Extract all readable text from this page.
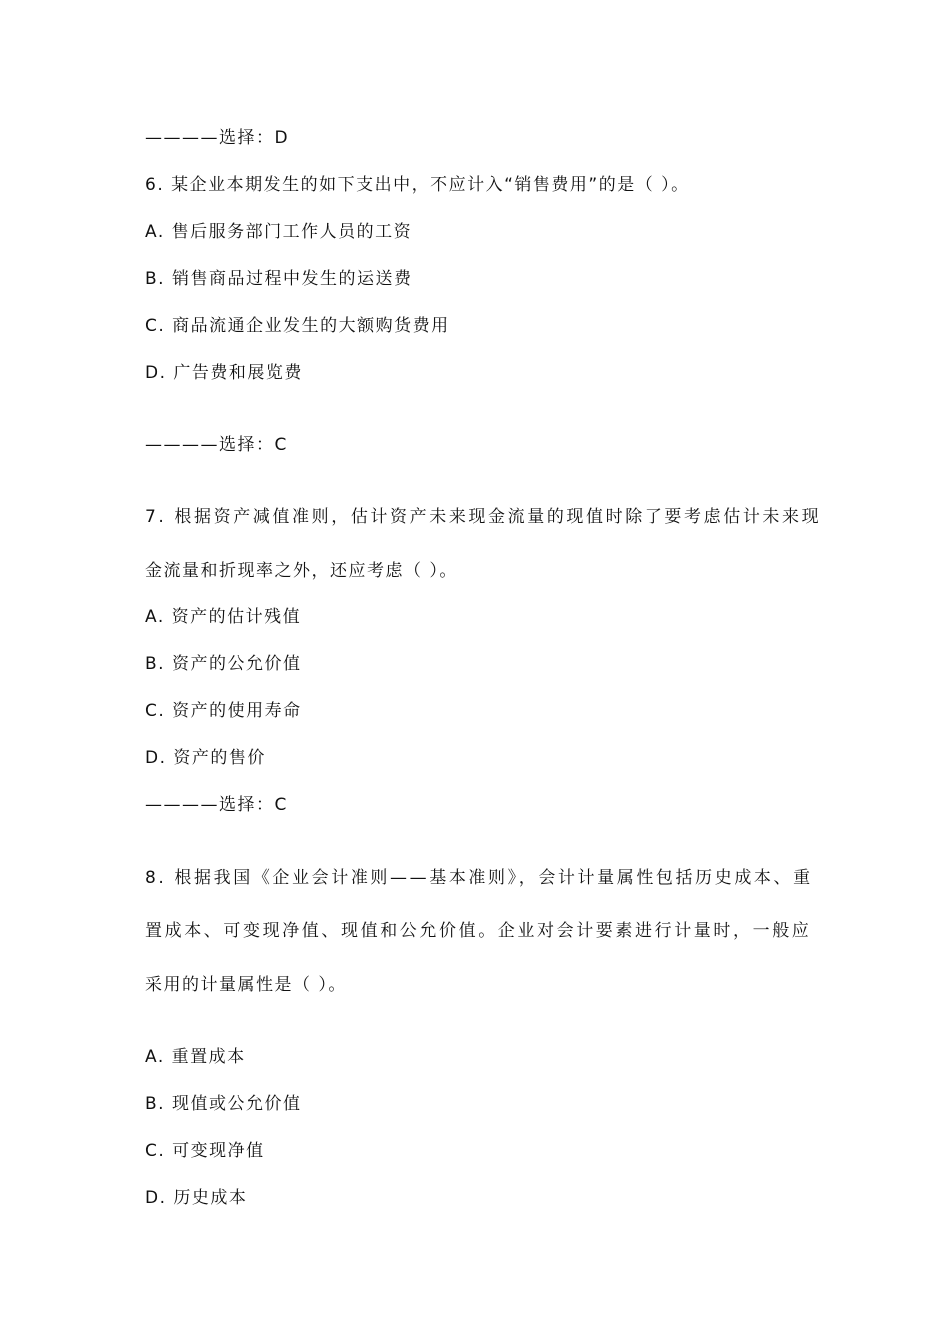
————选择：D
6. 某企业本期发生的如下支出中，不应计入“销售费用”的是（ ）。
A. 售后服务部门工作人员的工资
B. 销售商品过程中发生的运送费
C. 商品流通企业发生的大额购货费用
D. 广告费和展览费
————选择：C
7. 根据资产减值准则，估计资产未来现金流量的现值时除了要考虑估计未来现
金流量和折现率之外，还应考虑（ ）。
A. 资产的估计残值
B. 资产的公允价值
C. 资产的使用寿命
D. 资产的售价
————选择：C
8. 根据我国《企业会计准则——基本准则》，会计计量属性包括历史成本、重
置成本、可变现净值、现值和公允价值。企业对会计要素进行计量时，一般应
采用的计量属性是（ ）。
A. 重置成本
B. 现值或公允价值
C. 可变现净值
D. 历史成本
